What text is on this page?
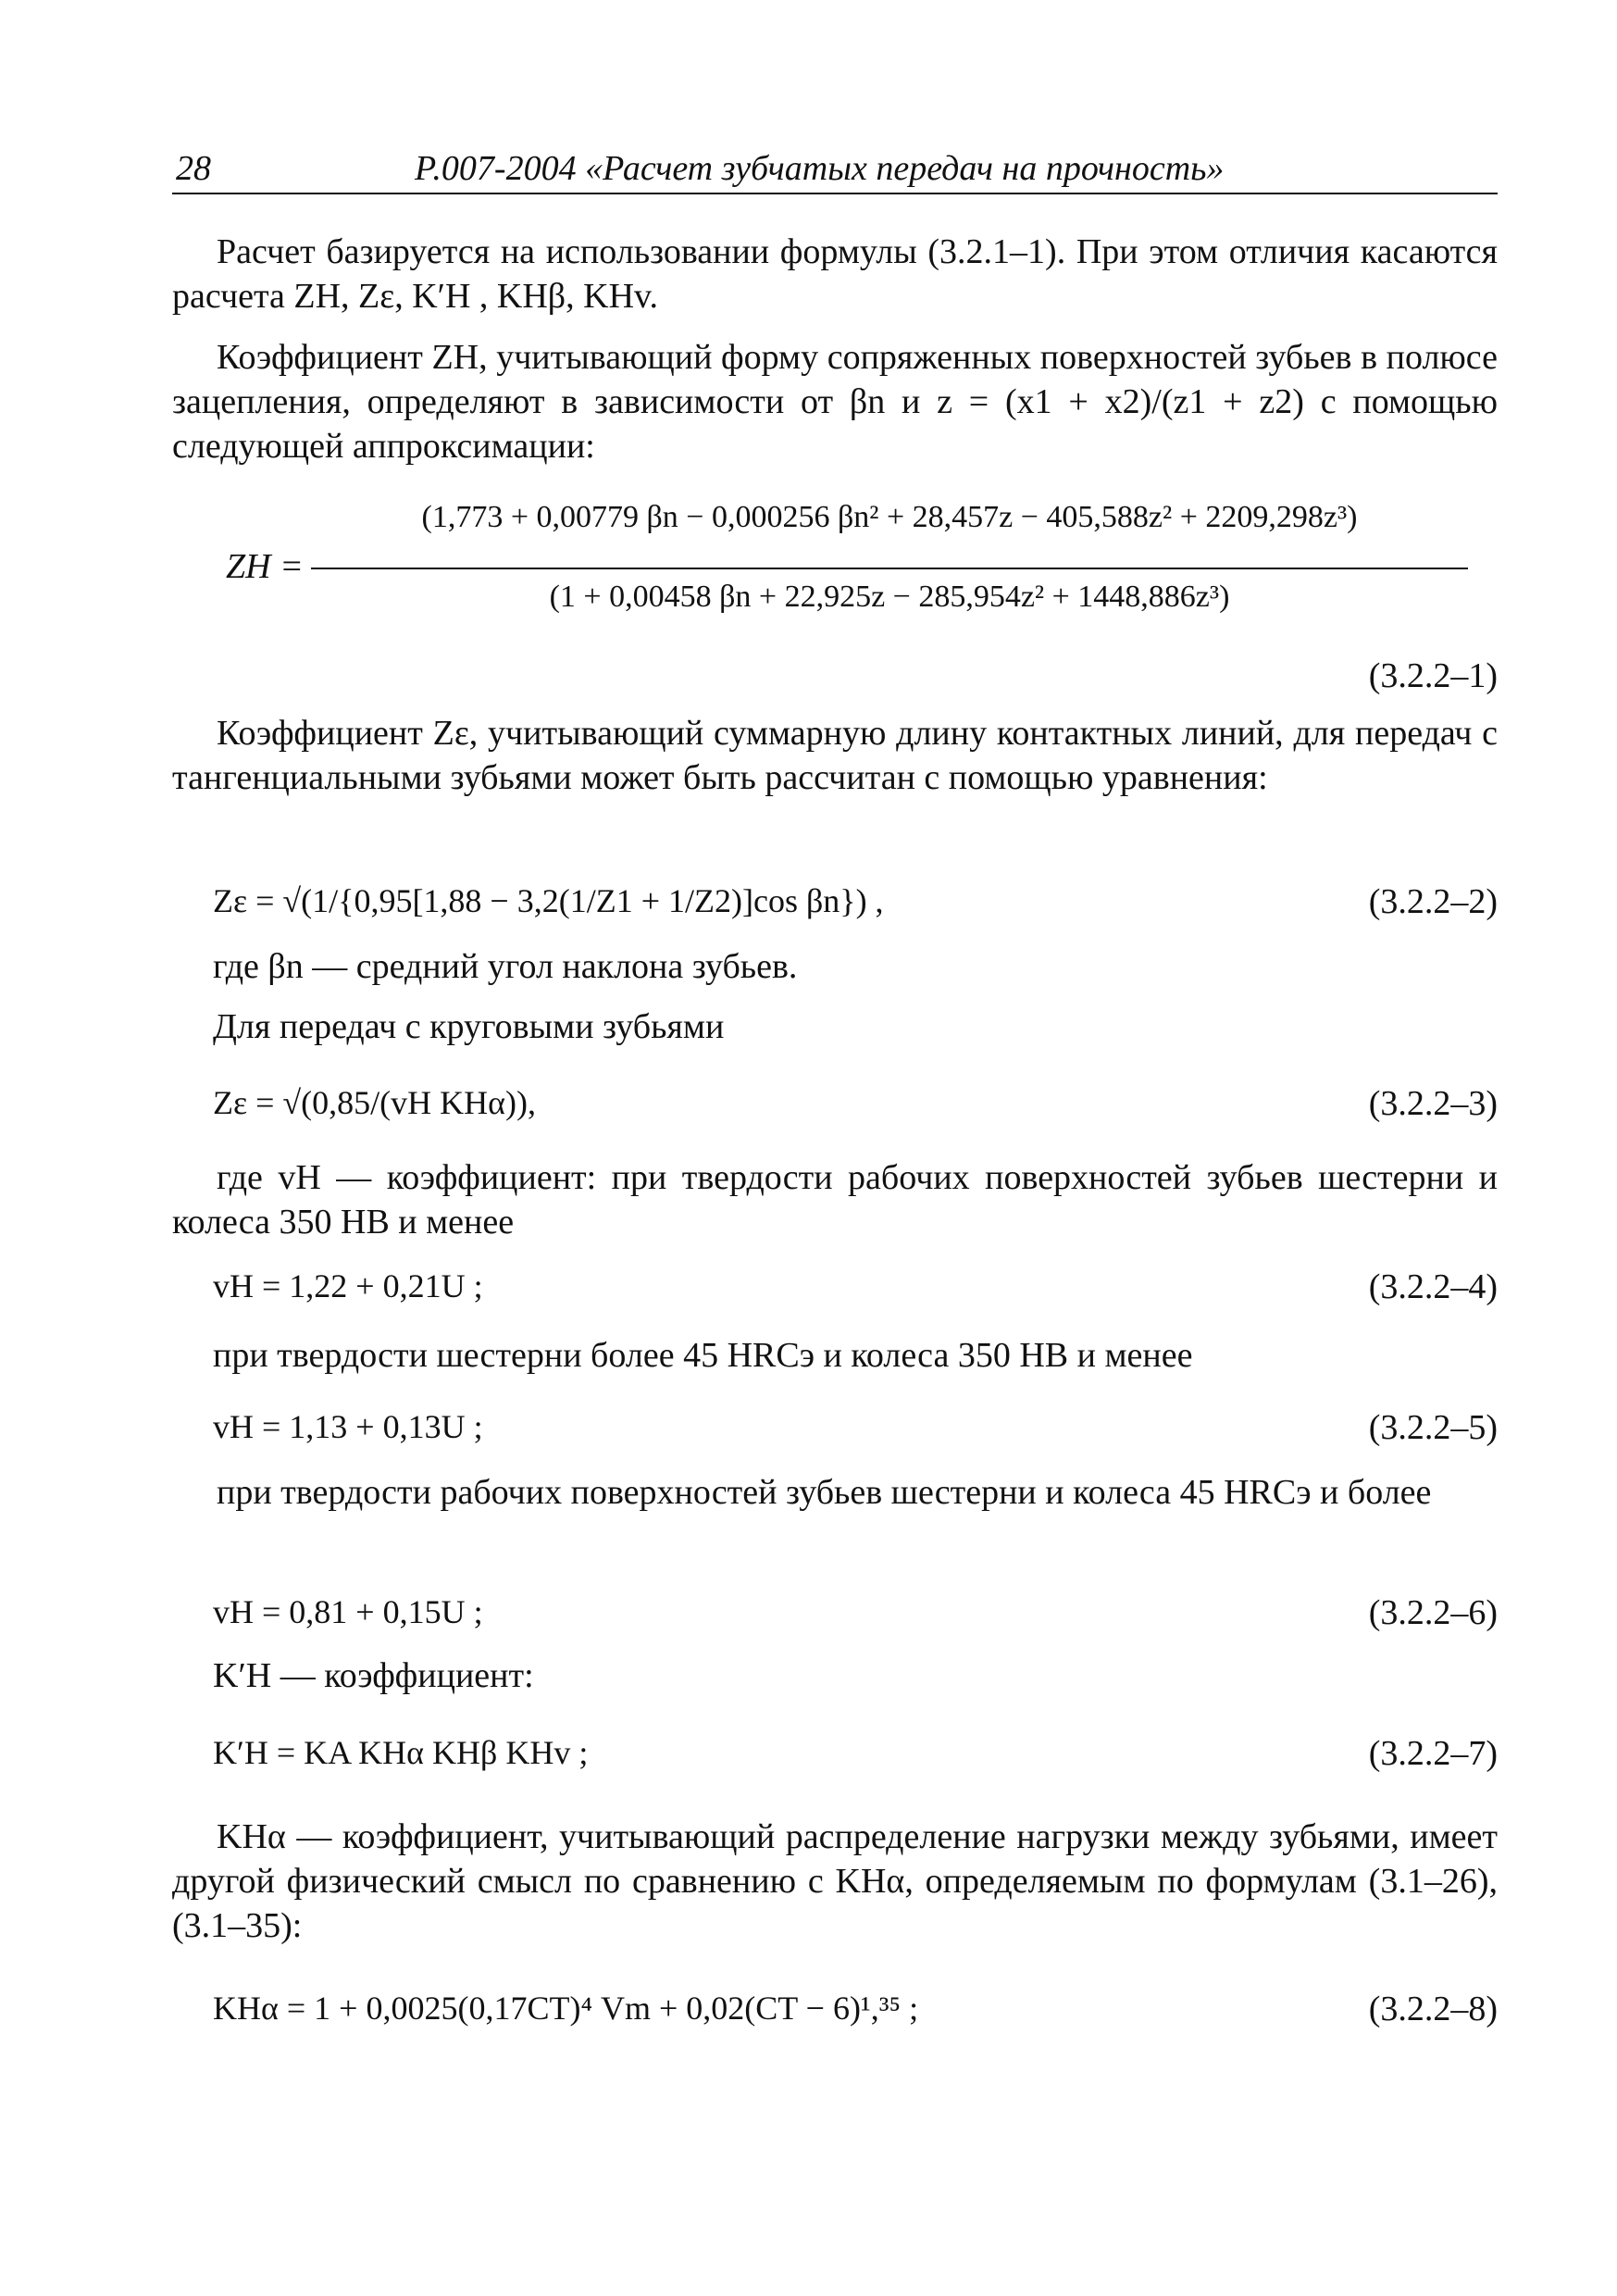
28	Р.007-2004 «Расчет зубчатых передач на прочность»

Расчет базируется на использовании формулы (3.2.1–1). При этом отличия касаются расчета ZН, Zε, K′Н , KНβ, KНv.

Коэффициент ZН, учитывающий форму сопряженных поверхностей зубьев в полюсе зацепления, определяют в зависимости от βn и z = (x1 + x2)/(z1 + z2) с помощью следующей аппроксимации:

ZН =
(1,773 + 0,00779 βn − 0,000256 βn² + 28,457z − 405,588z² + 2209,298z³)
(1 + 0,00458 βn + 22,925z − 285,954z² + 1448,886z³)
(3.2.2–1)

Коэффициент Zε, учитывающий суммарную длину контактных линий, для передач с тангенциальными зубьями может быть рассчитан с помощью уравнения:

Zε = √(1/{0,95[1,88 − 3,2(1/Z1 + 1/Z2)]cos βn}) ,	(3.2.2–2)

где βn — средний угол наклона зубьев.

Для передач с круговыми зубьями

Zε = √(0,85/(vН KНα)),	(3.2.2–3)

где vН — коэффициент: при твердости рабочих поверхностей зубьев шестерни и колеса 350 HB и менее

vН = 1,22 + 0,21U ;	(3.2.2–4)

при твердости шестерни более 45 HRCэ и колеса 350 НВ и менее

vН = 1,13 + 0,13U ;	(3.2.2–5)

при твердости рабочих поверхностей зубьев шестерни и колеса 45 HRCэ и более

vН = 0,81 + 0,15U ;	(3.2.2–6)

K′Н — коэффициент:

K′Н = KA KНα KНβ KНv ;	(3.2.2–7)

KНα — коэффициент, учитывающий распределение нагрузки между зубьями, имеет другой физический смысл по сравнению с KНα, определяемым по формулам (3.1–26), (3.1–35):

KНα = 1 + 0,0025(0,17CT)⁴ Vm + 0,02(CT − 6)¹,³⁵ ;	(3.2.2–8)
